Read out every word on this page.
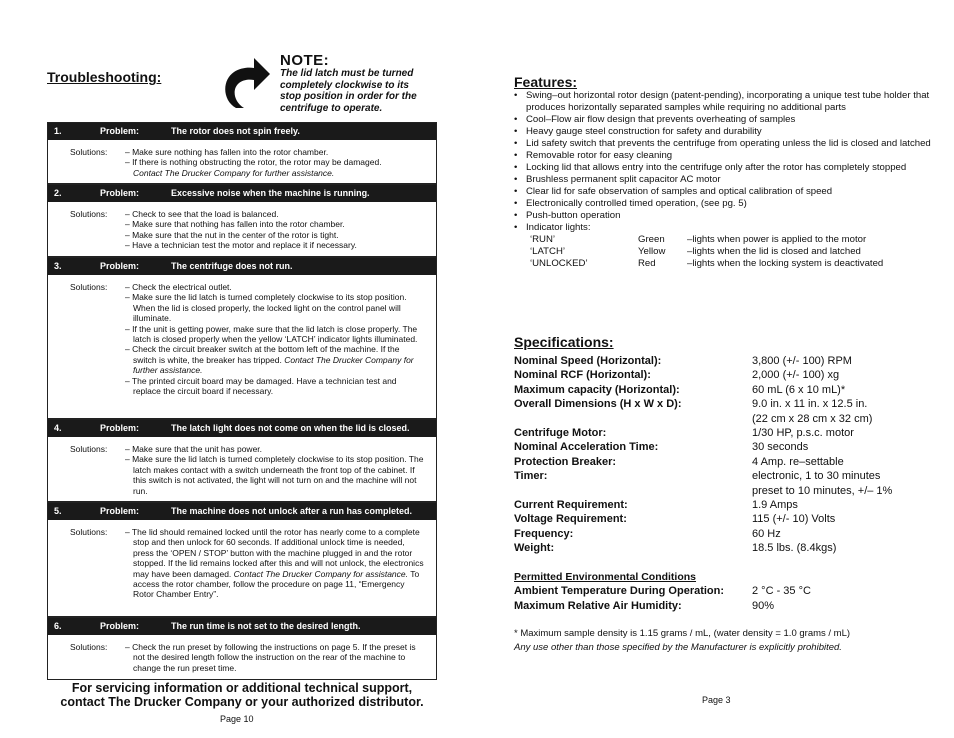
Troubleshooting:
NOTE:
The lid latch must be turned
completely clockwise to its
stop position in order for the
centrifuge to operate.
1.	Problem:	The rotor does not spin freely.
Solutions:	– Make sure nothing has fallen into the rotor chamber.
– If there is nothing obstructing the rotor, the rotor may be damaged.
Contact The Drucker Company for further assistance.
2.	Problem:	Excessive noise when the machine is running.
Solutions:	– Check to see that the load is balanced.
– Make sure that nothing has fallen into the rotor chamber.
– Make sure that the nut in the center of the rotor is tight.
– Have a technician test the motor and replace it if necessary.
3.	Problem:	The centrifuge does not run.
Solutions:	– Check the electrical outlet.
– Make sure the lid latch is turned completely clockwise to its stop position. When the lid is closed properly, the locked light on the control panel will illuminate.
– If the unit is getting power, make sure that the lid latch is close properly. The latch is closed properly when the yellow ‘LATCH’ indicator lights illuminated.
– Check the circuit breaker switch at the bottom left of the machine. If the switch is white, the breaker has tripped. Contact The Drucker Company for further assistance.
– The printed circuit board may be damaged. Have a technician test and replace the circuit board if necessary.
4.	Problem:	The latch light does not come on when the lid is closed.
Solutions:	– Make sure that the unit has power.
– Make sure the lid latch is turned completely clockwise to its stop position. The latch makes contact with a switch underneath the front top of the cabinet. If this switch is not activated, the light will not turn on and the machine will not run.
5.	Problem:	The machine does not unlock after a run has completed.
Solutions:	– The lid should remained locked until the rotor has nearly come to a complete stop and then unlock for 60 seconds. If additional unlock time is needed, press the ‘OPEN / STOP’ button with the machine plugged in and the rotor stopped. If the lid remains locked after this and will not unlock, the electronics may have been damaged. Contact The Drucker Company for assistance. To access the rotor chamber, follow the procedure on page 11, “Emergency Rotor Chamber Entry”.
6.	Problem:	The run time is not set to the desired length.
Solutions:	– Check the run preset by following the instructions on page 5. If the preset is not the desired length follow the instruction on the rear of the machine to change the run preset time.
For servicing information or additional technical support,
contact The Drucker Company or your authorized distributor.
Page 10
Features:
• Swing–out horizontal rotor design (patent-pending), incorporating a unique test tube holder that produces horizontally separated samples while requiring no additional parts
• Cool–Flow air flow design that prevents overheating of samples
• Heavy gauge steel construction for safety and durability
• Lid safety switch that prevents the centrifuge from operating unless the lid is closed and latched
• Removable rotor for easy cleaning
• Locking lid that allows entry into the centrifuge only after the rotor has completely stopped
• Brushless permanent split capacitor AC motor
• Clear lid for safe observation of samples and optical calibration of speed
• Electronically controlled timed operation, (see pg. 5)
• Push-button operation
• Indicator lights:
‘RUN’	Green	–lights when power is applied to the motor
‘LATCH’	Yellow	–lights when the lid is closed and latched
‘UNLOCKED’	Red	–lights when the locking system is deactivated
Specifications:
Nominal Speed (Horizontal):	3,800 (+/- 100) RPM
Nominal RCF (Horizontal):	2,000 (+/- 100) xg
Maximum capacity (Horizontal):	60 mL (6 x 10 mL)*
Overall Dimensions (H x W x D):	9.0 in. x 11 in. x 12.5 in.
(22 cm x 28 cm x 32 cm)
Centrifuge Motor:	1/30 HP, p.s.c. motor
Nominal Acceleration Time:	30 seconds
Protection Breaker:	4 Amp. re–settable
Timer:	electronic, 1 to 30 minutes
preset to 10 minutes, +/– 1%
Current Requirement:	1.9 Amps
Voltage Requirement:	115 (+/- 10) Volts
Frequency:	60 Hz
Weight:	18.5 lbs. (8.4kgs)
Permitted Environmental Conditions
Ambient Temperature During Operation:	2 °C - 35 °C
Maximum Relative Air Humidity:	90%
* Maximum sample density is 1.15 grams / mL, (water density = 1.0 grams / mL)
Any use other than those specified by the Manufacturer is explicitly prohibited.
Page 3
